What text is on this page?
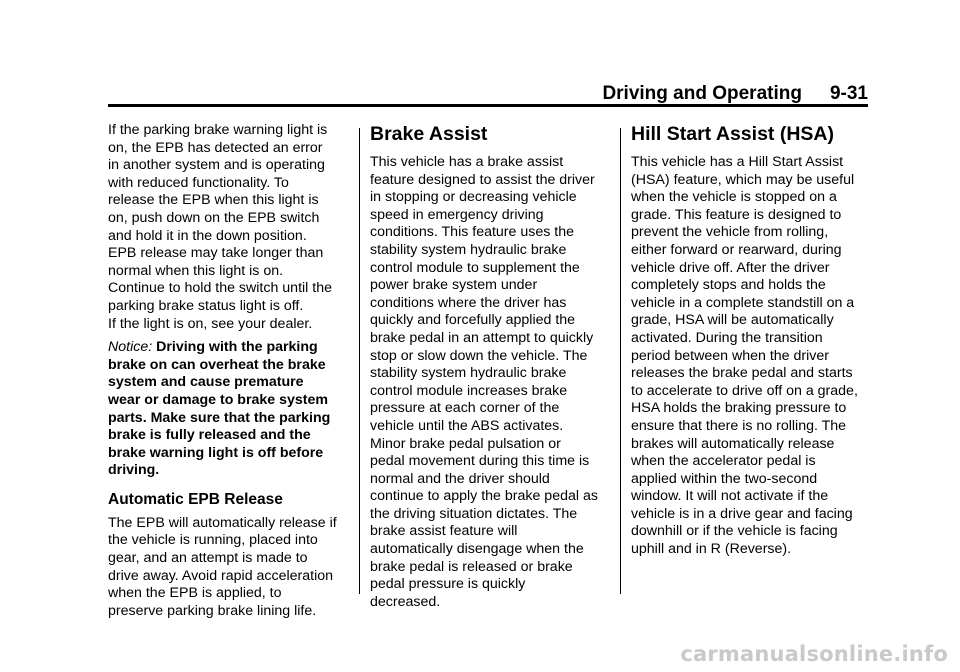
Driving and Operating 9-31

If the parking brake warning light is
on, the EPB has detected an error
in another system and is operating
with reduced functionality. To
release the EPB when this light is
on, push down on the EPB switch
and hold it in the down position.
EPB release may take longer than
normal when this light is on.
Continue to hold the switch until the
parking brake status light is off.
If the light is on, see your dealer.

Notice: Driving with the parking
brake on can overheat the brake
system and cause premature
wear or damage to brake system
parts. Make sure that the parking
brake is fully released and the
brake warning light is off before
driving.

Automatic EPB Release

The EPB will automatically release if
the vehicle is running, placed into
gear, and an attempt is made to
drive away. Avoid rapid acceleration
when the EPB is applied, to
preserve parking brake lining life.

Brake Assist

This vehicle has a brake assist
feature designed to assist the driver
in stopping or decreasing vehicle
speed in emergency driving
conditions. This feature uses the
stability system hydraulic brake
control module to supplement the
power brake system under
conditions where the driver has
quickly and forcefully applied the
brake pedal in an attempt to quickly
stop or slow down the vehicle. The
stability system hydraulic brake
control module increases brake
pressure at each corner of the
vehicle until the ABS activates.
Minor brake pedal pulsation or
pedal movement during this time is
normal and the driver should
continue to apply the brake pedal as
the driving situation dictates. The
brake assist feature will
automatically disengage when the
brake pedal is released or brake
pedal pressure is quickly
decreased.

Hill Start Assist (HSA)

This vehicle has a Hill Start Assist
(HSA) feature, which may be useful
when the vehicle is stopped on a
grade. This feature is designed to
prevent the vehicle from rolling,
either forward or rearward, during
vehicle drive off. After the driver
completely stops and holds the
vehicle in a complete standstill on a
grade, HSA will be automatically
activated. During the transition
period between when the driver
releases the brake pedal and starts
to accelerate to drive off on a grade,
HSA holds the braking pressure to
ensure that there is no rolling. The
brakes will automatically release
when the accelerator pedal is
applied within the two-second
window. It will not activate if the
vehicle is in a drive gear and facing
downhill or if the vehicle is facing
uphill and in R (Reverse).

carmanualsonline.info
